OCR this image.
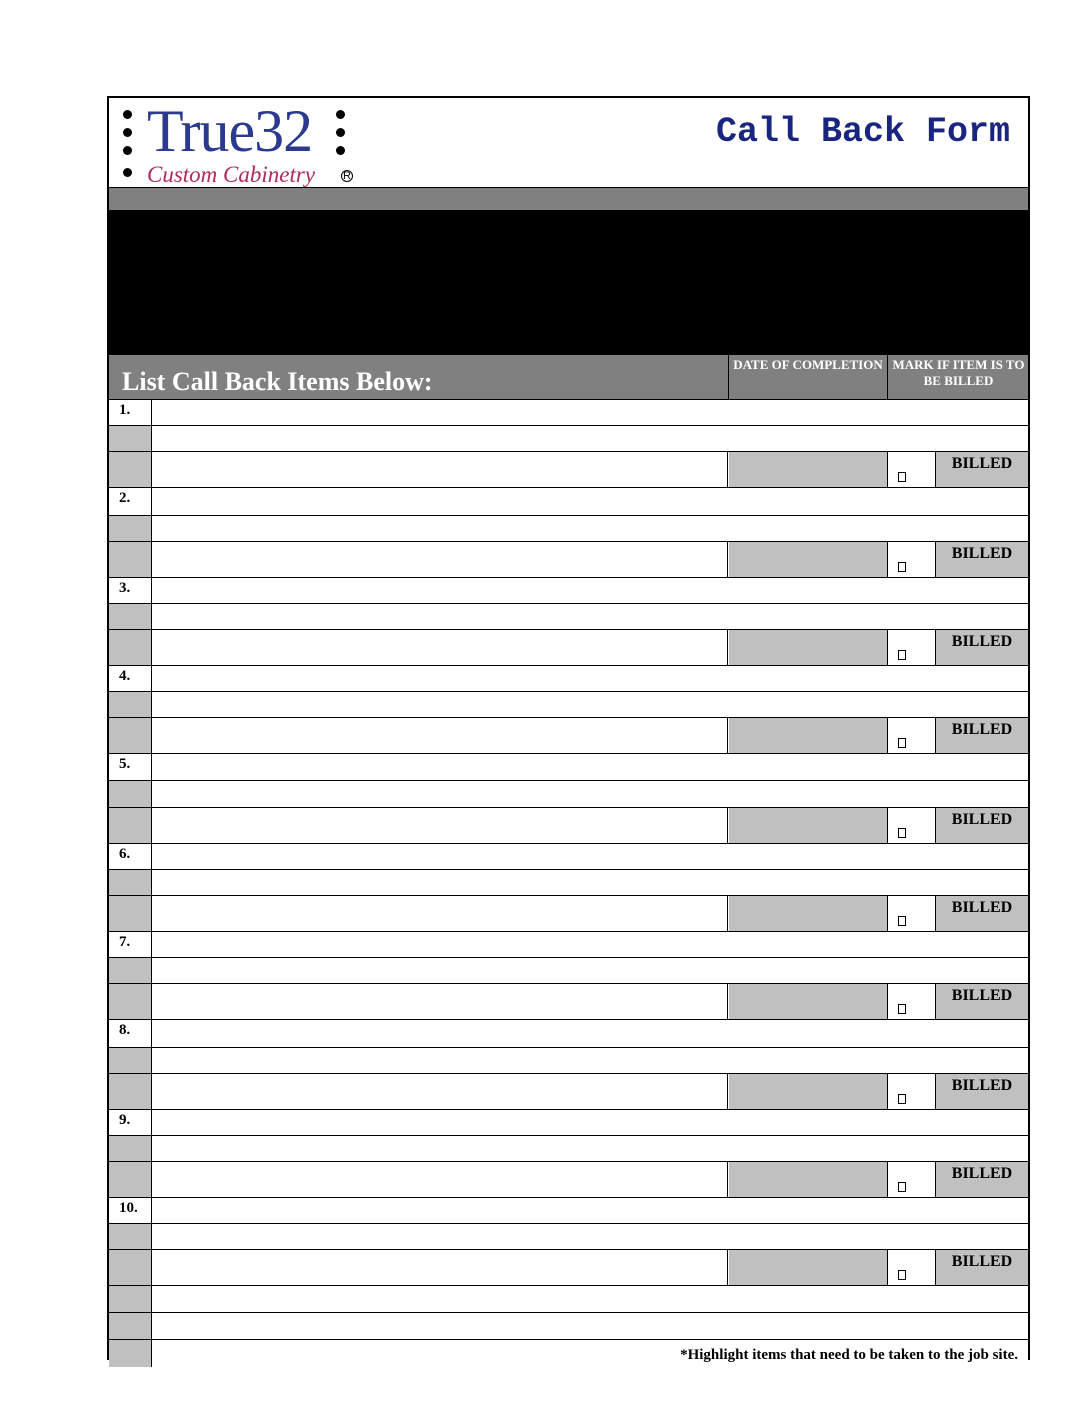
True32
Custom Cabinetry	R
Call Back Form
List Call Back Items Below:
DATE OF COMPLETION MARK IF ITEM IS TO BE BILLED
1.
BILLED
2.
BILLED
3.
BILLED
4.
BILLED
5.
BILLED
6.
BILLED
7.
BILLED
8.
BILLED
9.
BILLED
10.
BILLED
*Highlight items that need to be taken to the job site.
